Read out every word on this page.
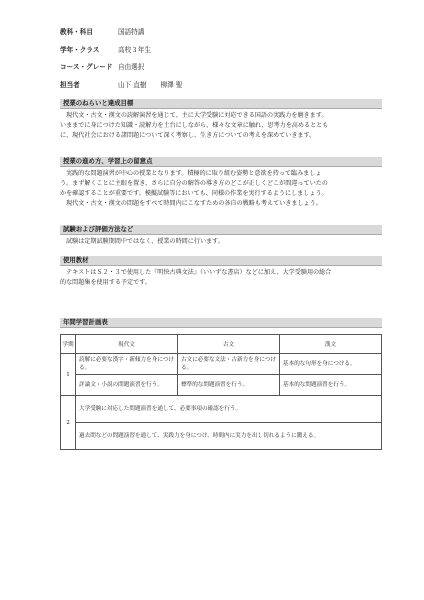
教科・科目	国語特講
学年・クラス	高校３年生
コース・グレード 自由選択
担当者	山下 直樹 柳澤 聖
授業のねらいと達成目標

現代文・古文・漢文の読解演習を通じて、主に大学受験に対応できる国語の実践力を磨きます。

いままでに身につけた知識・読解力を土台にしながら、様々な文章に触れ、思考力を高めるととも
に、現代社会における諸問題について深く考察し、生き方についての考えを深めていきます。
授業の進め方、学習上の留意点

実践的な問題演習が中心の授業となります。積極的に取り組む姿勢と意欲を持って臨みましょ

う。まず解くことに主眼を置き、さらに自分の解答の導き方のどこが正しくどこが間違っていたの
かを確認することが重要です。模擬試験等においても、同様の作業を実行するようにしましょう。

現代文・古文・漢文の問題をすべて時間内にこなすための各自の戦略も考えていきましょう。

試験および評価方法など

試験は定期試験期間中ではなく、授業の時間に行います。

使用教材

テキストはＳ２・３で使用した『明快古典文法』（いいずな書店）などに加え、大学受験用の総合

的な問題集を使用する予定です。
年間学習計画表
学期	現代文	古文	漢文
1	読解に必要な漢字・新傾力を身につける。	古文に必要な文法・古新力を身につける。	基本的な句形を身につける。
	評論文・小説の問題演習を行う。	標準的な問題演習を行う。	基本的な問題演習を行う。
2	大学受験に対応した問題演習を通して、必要事項の確認を行う。		
	過去問などの問題演習を通して、実践力を身につけ、時間内に実力を出し切れるように鍛える。		
